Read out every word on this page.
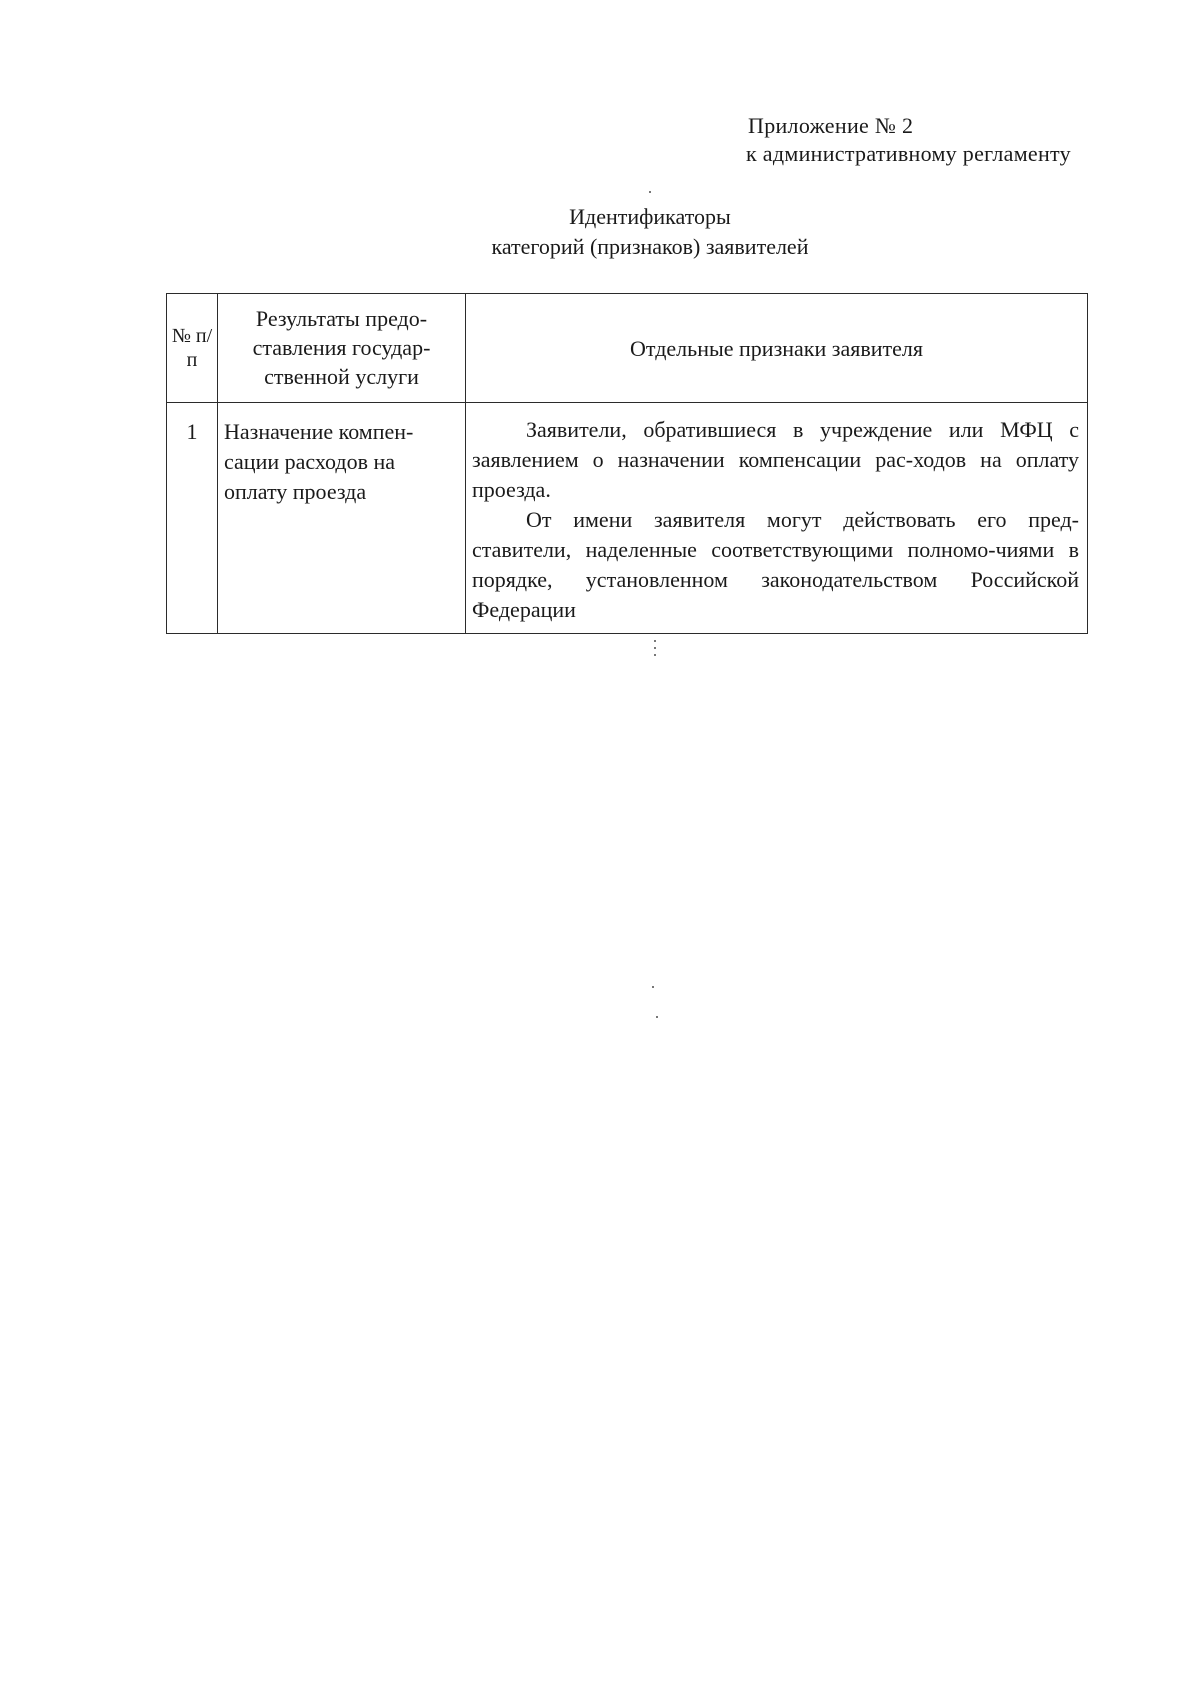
Приложение № 2
к административному регламенту
Идентификаторы
категорий (признаков) заявителей
№ п/п	Результаты предо-ставления государ-ственной услуги	Отдельные признаки заявителя
1	Назначение компен-сации расходов на оплату проезда	Заявители, обратившиеся в учреждение или МФЦ с заявлением о назначении компенсации рас-ходов на оплату проезда.

От имени заявителя могут действовать его пред-ставители, наделенные соответствующими полномо-чиями в порядке, установленном законодательством Российской Федерации
